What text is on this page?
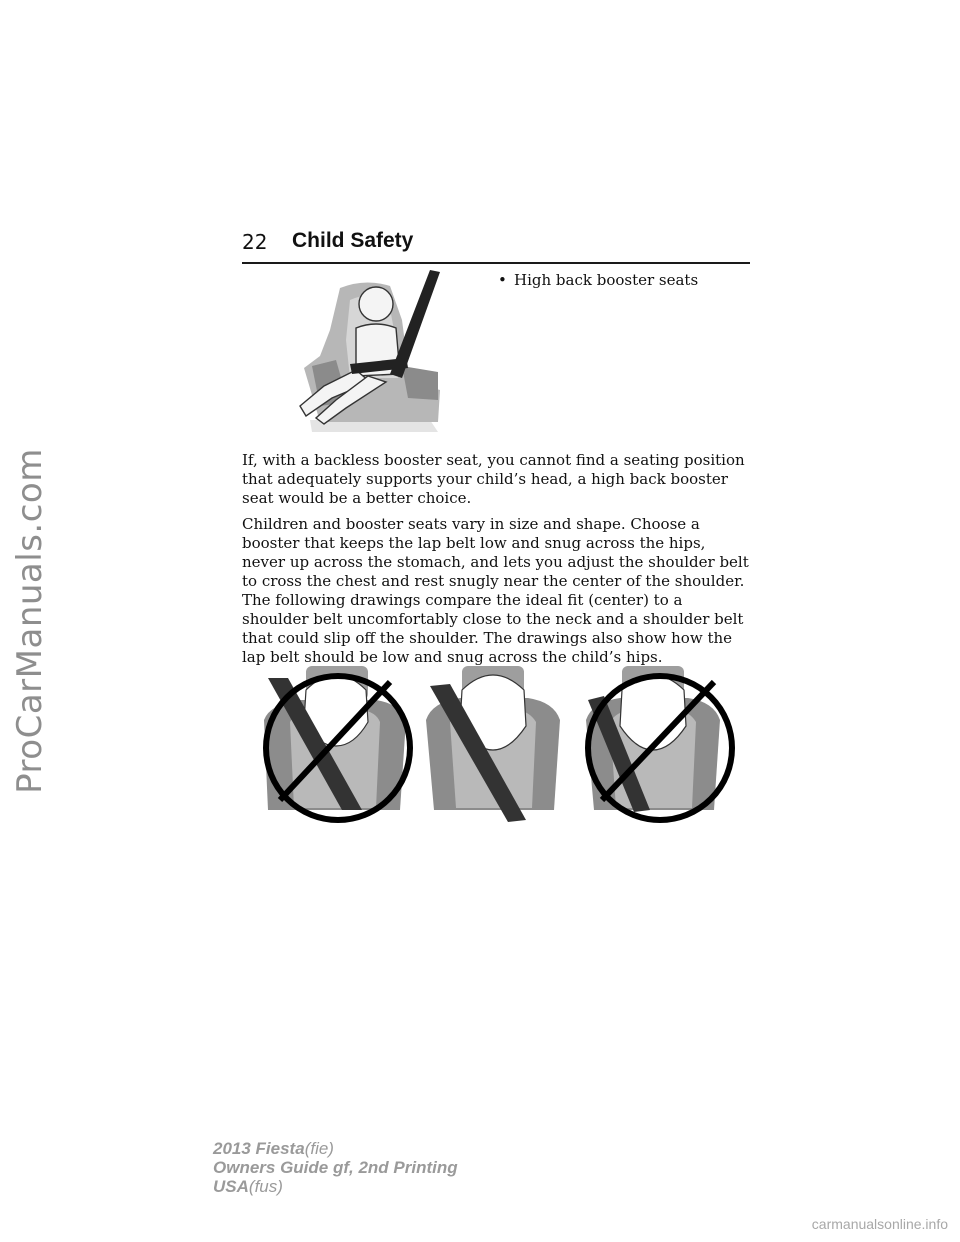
ProCarManuals.com
22 Child Safety
• High back booster seats

If, with a backless booster seat, you cannot find a seating position that adequately supports your child’s head, a high back booster seat would be a better choice.

Children and booster seats vary in size and shape. Choose a booster that keeps the lap belt low and snug across the hips, never up across the stomach, and lets you adjust the shoulder belt to cross the chest and rest snugly near the center of the shoulder. The following drawings compare the ideal fit (center) to a shoulder belt uncomfortably close to the neck and a shoulder belt that could slip off the shoulder. The drawings also show how the lap belt should be low and snug across the child’s hips.

2013 Fiesta(fie)
Owners Guide gf, 2nd Printing
USA(fus)
carmanualsonline.info
